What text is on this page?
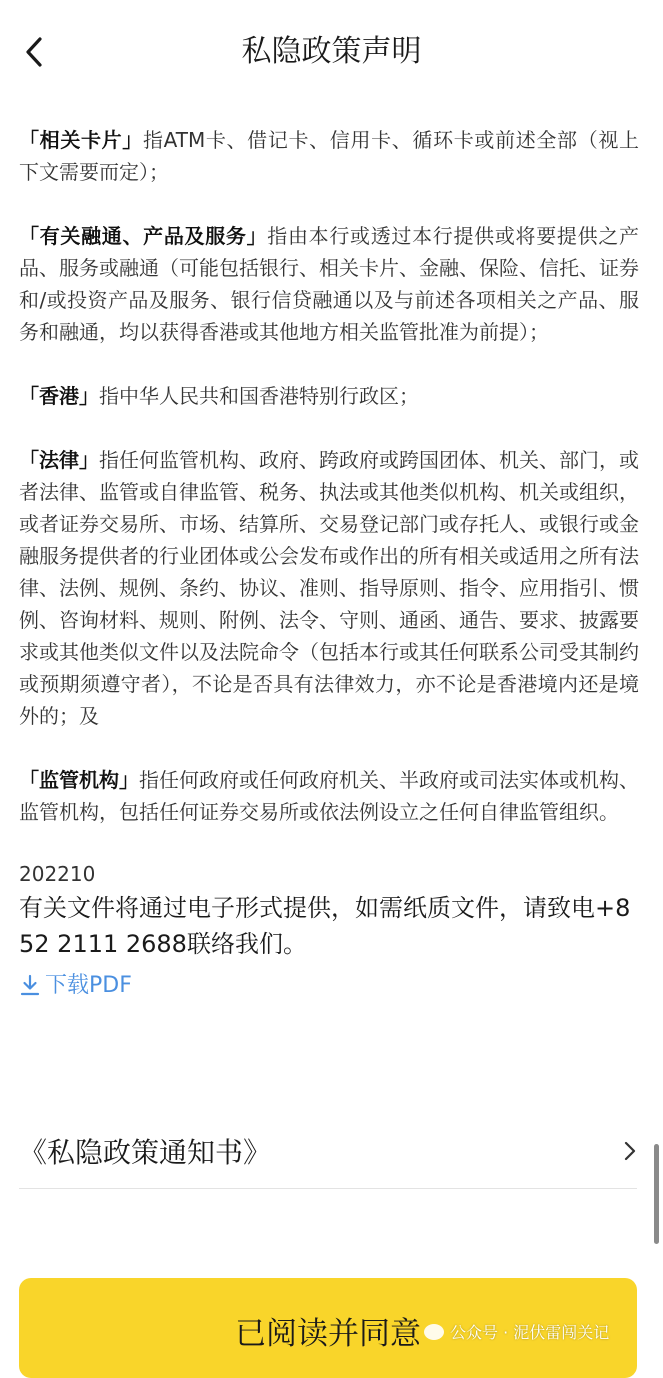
私隐政策声明

「相关卡片」指ATM卡、借记卡、信用卡、循环卡或前述全部（视上下文需要而定）；

「有关融通、产品及服务」指由本行或透过本行提供或将要提供之产品、服务或融通（可能包括银行、相关卡片、金融、保险、信托、证券和/或投资产品及服务、银行信贷融通以及与前述各项相关之产品、服务和融通，均以获得香港或其他地方相关监管批准为前提）；

「香港」指中华人民共和国香港特别行政区；

「法律」指任何监管机构、政府、跨政府或跨国团体、机关、部门，或者法律、监管或自律监管、税务、执法或其他类似机构、机关或组织，或者证券交易所、市场、结算所、交易登记部门或存托人、或银行或金融服务提供者的行业团体或公会发布或作出的所有相关或适用之所有法律、法例、规例、条约、协议、准则、指导原则、指令、应用指引、惯例、咨询材料、规则、附例、法令、守则、通函、通告、要求、披露要求或其他类似文件以及法院命令（包括本行或其任何联系公司受其制约或预期须遵守者），不论是否具有法律效力，亦不论是香港境内还是境外的；及

「监管机构」指任何政府或任何政府机关、半政府或司法实体或机构、监管机构，包括任何证券交易所或依法例设立之任何自律监管组织。

202210

有关文件将通过电子形式提供，如需纸质文件，请致电+852 2111 2688联络我们。

下载PDF
《私隐政策通知书》
已阅读并同意	公众号 · 泥伏雷闯关记
